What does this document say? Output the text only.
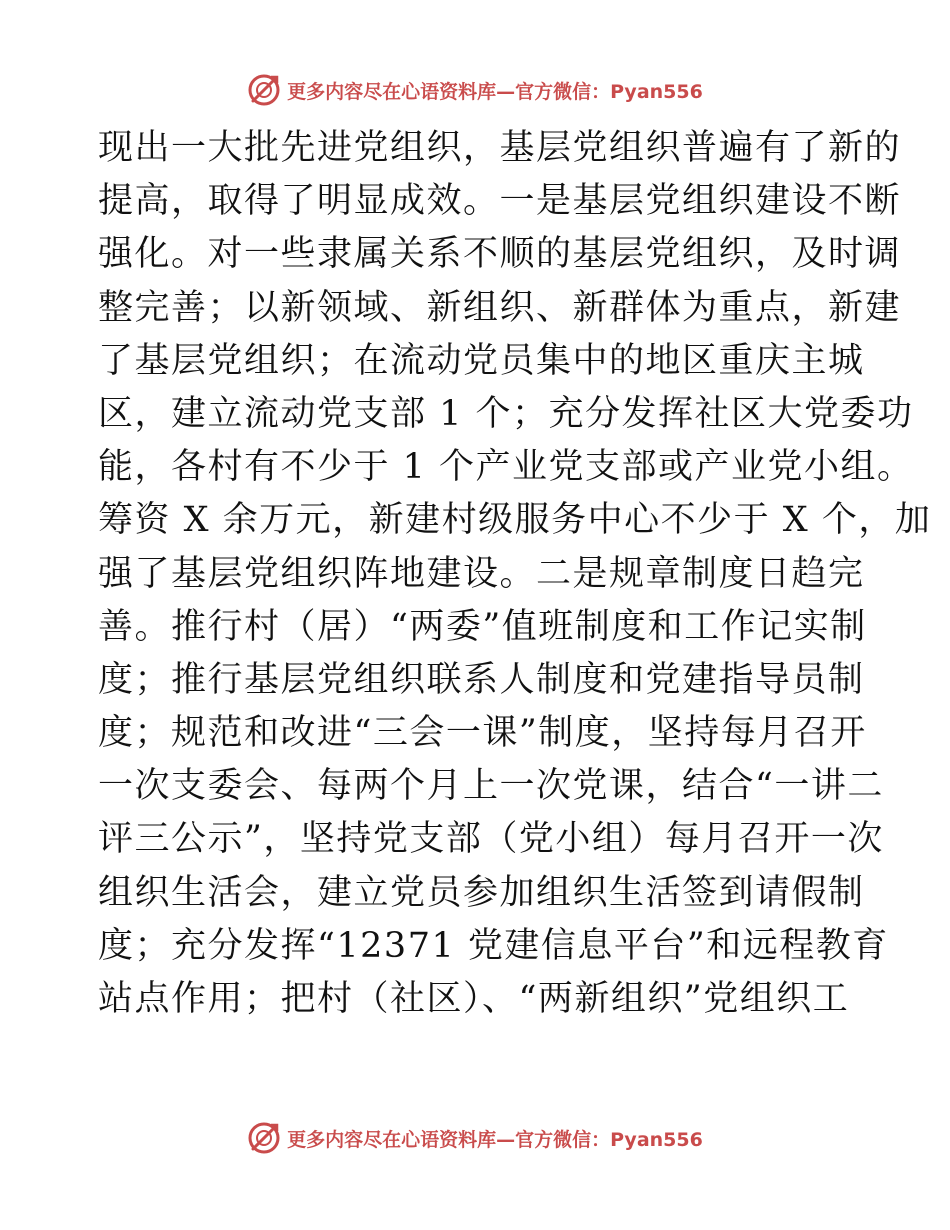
更多内容尽在心语资料库—官方微信：Pyan556
现出一大批先进党组织，基层党组织普遍有了新的
提高，取得了明显成效。一是基层党组织建设不断
强化。对一些隶属关系不顺的基层党组织，及时调
整完善；以新领域、新组织、新群体为重点，新建
了基层党组织；在流动党员集中的地区重庆主城
区，建立流动党支部 1 个；充分发挥社区大党委功
能，各村有不少于 1 个产业党支部或产业党小组。
筹资 X 余万元，新建村级服务中心不少于 X 个，加
强了基层党组织阵地建设。二是规章制度日趋完
善。推行村（居）“两委”值班制度和工作记实制
度；推行基层党组织联系人制度和党建指导员制
度；规范和改进“三会一课”制度，坚持每月召开
一次支委会、每两个月上一次党课，结合“一讲二
评三公示”，坚持党支部（党小组）每月召开一次
组织生活会，建立党员参加组织生活签到请假制
度；充分发挥“12371 党建信息平台”和远程教育
站点作用；把村（社区）、“两新组织”党组织工
更多内容尽在心语资料库—官方微信：Pyan556
